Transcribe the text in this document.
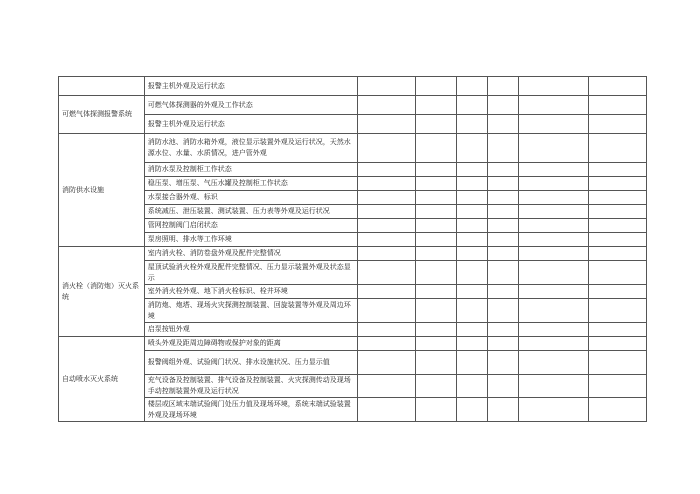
	报警主机外观及运行状态						
可燃气体探测报警系统	可燃气体探测器的外观及工作状态						
	报警主机外观及运行状态						
消防供水设施	消防水池、消防水箱外观，液位显示装置外观及运行状况，天然水源水位、水量、水质情况，进户管外观						
	消防水泵及控制柜工作状态						
	稳压泵、增压泵、气压水罐及控制柜工作状态						
	水泵接合器外观、标识						
	系统减压、泄压装置、测试装置、压力表等外观及运行状况						
	管网控制阀门启闭状态						
	泵房照明、排水等工作环境						
消火栓（消防炮）灭火系统	室内消火栓、消防卷盘外观及配件完整情况						
	屋顶试验消火栓外观及配件完整情况、压力显示装置外观及状态显示						
	室外消火栓外观、地下消火栓标识、栓井环境						
	消防炮、炮塔、现场火灾探测控制装置、回旋装置等外观及周边环境						
	启泵按钮外观						
自动喷水灭火系统	喷头外观及距周边障碍物或保护对象的距离						
	报警阀组外观、试验阀门状况、排水设施状况、压力显示值						
	充气设备及控制装置、排气设备及控制装置、火灾探测传动及现场手动控制装置外观及运行状况						
	楼层或区域末端试验阀门处压力值及现场环境，系统末端试验装置外观及现场环境						
